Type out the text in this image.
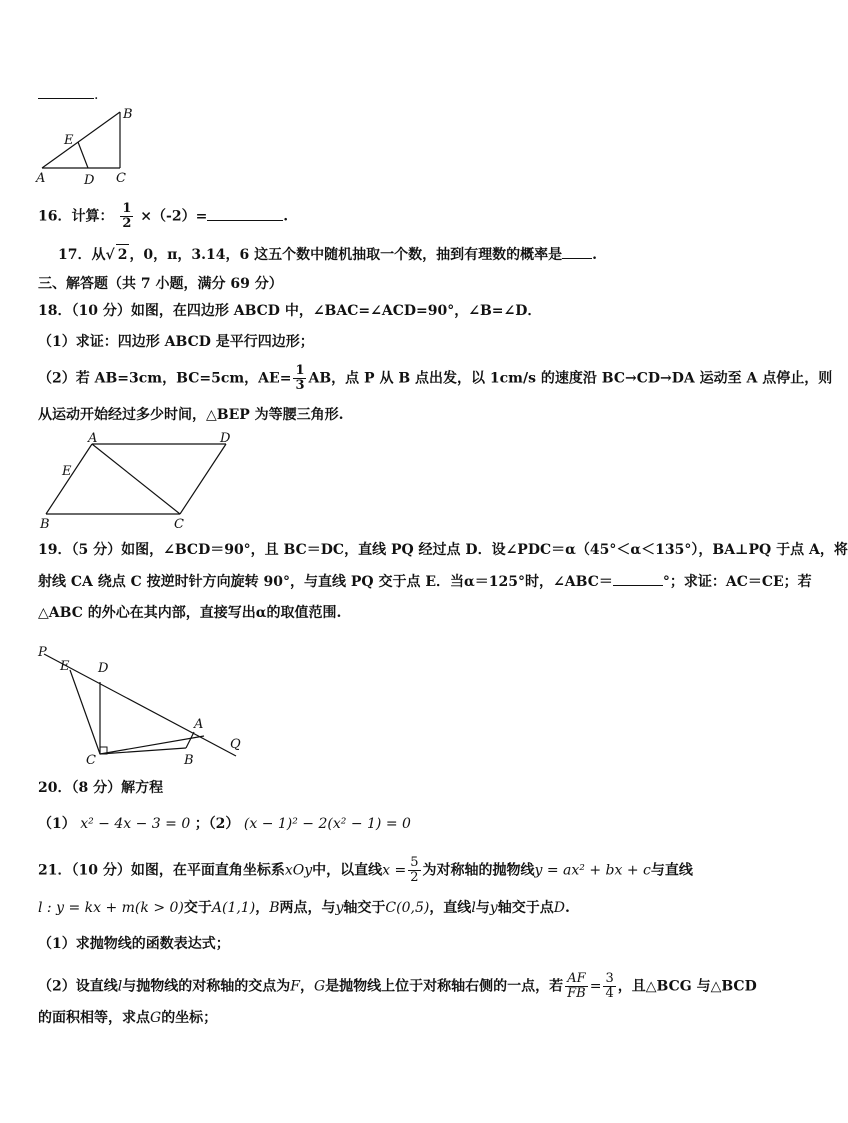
.
B
E
A	D C
16．计算： $\frac{1}{2} \times(-2)=$	.
17．从√ 2 ，0，π，3.14，6 这五个数中随机抽取一个数，抽到有理数的概率是 .
三、解答题（共 7 小题，满分 69 分）
18．（10 分）如图，在四边形 ABCD 中，∠BAC=∠ACD=90°，∠B=∠D．
（1）求证：四边形 ABCD 是平行四边形；
（2）若 AB=3cm，BC=5cm，$AE= \frac{1}{3}$ AB，点 P 从 B 点出发，以 1cm/s 的速度沿 BC→CD→DA 运动至 A 点停止，则
从运动开始经过多少时间，△BEP 为等腰三角形.
A	D
E
B	C
19．（5 分）如图，∠BCD＝90°，且 BC＝DC，直线 PQ 经过点 D．设∠PDC＝α（45°＜α＜135°），BA⊥PQ 于点 A，将
射线 CA 绕点 C 按逆时针方向旋转 90°，与直线 PQ 交于点 E．当α＝125°时，∠ABC＝	°；求证：AC＝CE；若
△ABC 的外心在其内部，直接写出α的取值范围.
P
E D
A
Q
C	B
20．（8 分）解方程
（1） x² − 4x − 3 = 0 ；（2） (x − 1)² − 2(x² − 1) = 0
21．（10 分）如图，在平面直角坐标系xOy中，以直线$x = \frac{5}{2}$ 为对称轴的抛物线y = ax² + bx + c与直线
l : y = kx + m(k > 0)交于A(1,1)，B两点，与y轴交于C(0,5)，直线l与y轴交于点D.
（1）求抛物线的函数表达式；
（2）设直线l与抛物线的对称轴的交点为F，G是抛物线上位于对称轴右侧的一点，若 $\frac{AF}{FB} = \frac{3}{4}$ ，且△BCG 与△BCD
的面积相等，求点G的坐标；
